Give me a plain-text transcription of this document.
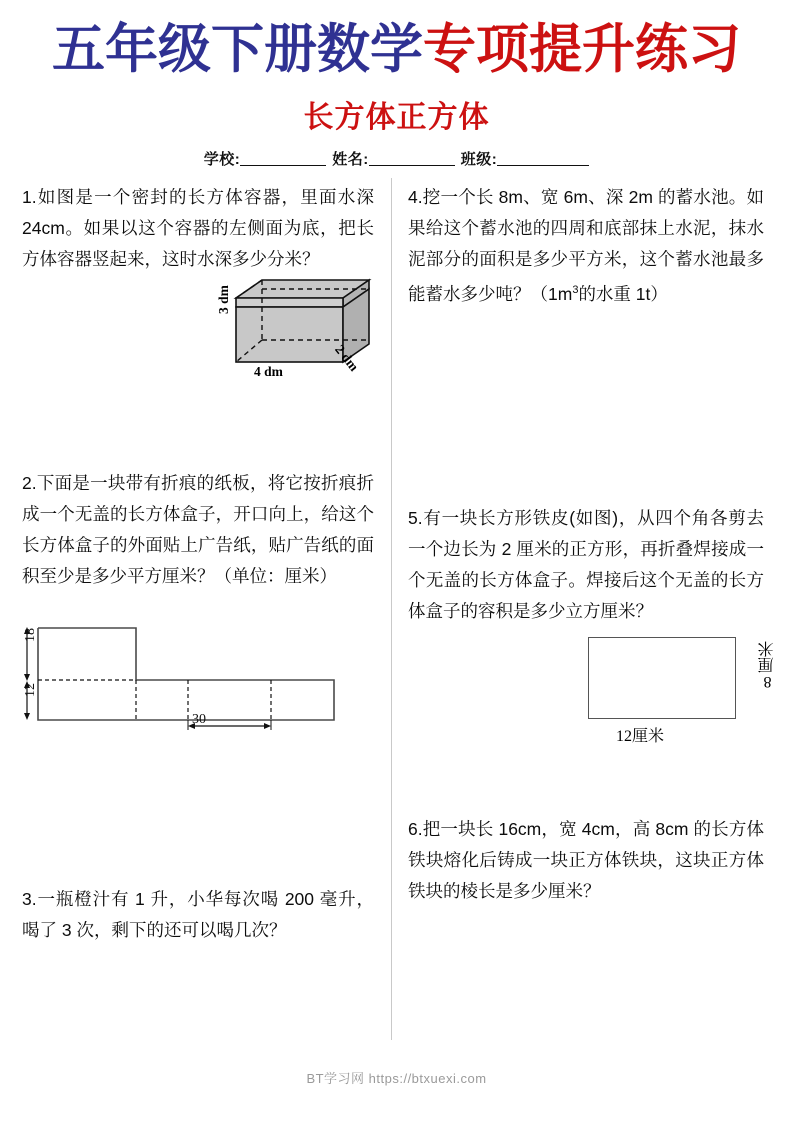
五年级下册数学专项提升练习
长方体正方体
学校:	姓名:	班级:
1.如图是一个密封的长方体容器，里面水深 24cm。如果以这个容器的左侧面为底，把长方体容器竖起来，这时水深多少分米？
3 dm
4 dm	2 dm
2.下面是一块带有折痕的纸板，将它按折痕折成一个无盖的长方体盒子，开口向上，给这个长方体盒子的外面贴上广告纸，贴广告纸的面积至少是多少平方厘米？（单位：厘米）
18
12
30
3.一瓶橙汁有 1 升，小华每次喝 200 毫升，喝了 3 次，剩下的还可以喝几次？
4.挖一个长 8m、宽 6m、深 2m 的蓄水池。如果给这个蓄水池的四周和底部抹上水泥，抹水泥部分的面积是多少平方米，这个蓄水池最多能蓄水多少吨？（$1m^3$的水重 1t）
5.有一块长方形铁皮(如图)，从四个角各剪去一个边长为 2 厘米的正方形，再折叠焊接成一个无盖的长方体盒子。焊接后这个无盖的长方体盒子的容积是多少立方厘米？
12厘米
8厘米
6.把一块长 16cm，宽 4cm，高 8cm 的长方体铁块熔化后铸成一块正方体铁块，这块正方体铁块的棱长是多少厘米？
BT学习网 https://btxuexi.com
